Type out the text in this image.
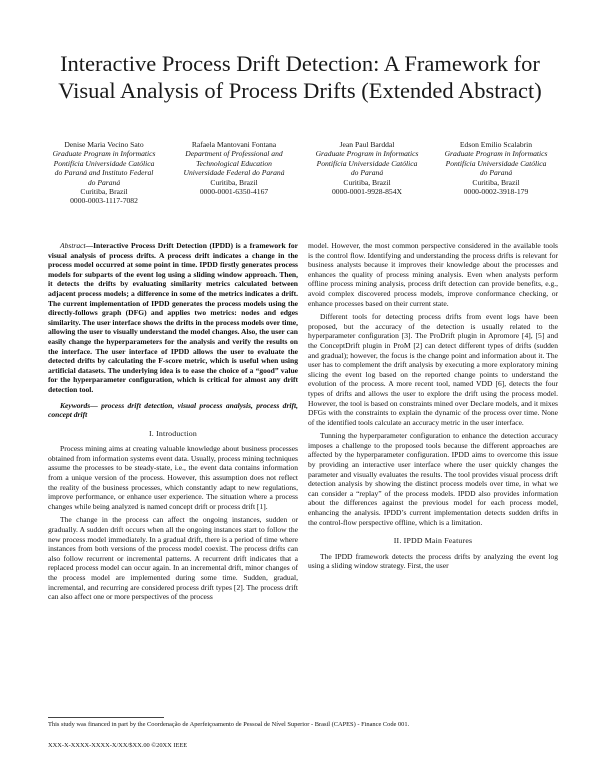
Interactive Process Drift Detection: A Framework for
Visual Analysis of Process Drifts (Extended Abstract)
Denise Maria Vecino Sato
Graduate Program in Informatics
Pontifícia Universidade Católica
do Paraná and Instituto Federal
do Paraná
Curitiba, Brazil
0000-0003-1117-7082
Rafaela Mantovani Fontana
Department of Professional and
Technological Education
Universidade Federal do Paraná
Curitiba, Brazil
0000-0001-6350-4167
Jean Paul Barddal
Graduate Program in Informatics
Pontifícia Universidade Católica
do Paraná
Curitiba, Brazil
0000-0001-9928-854X
Edson Emilio Scalabrin
Graduate Program in Informatics
Pontifícia Universidade Católica
do Paraná
Curitiba, Brazil
0000-0002-3918-179

Abstract—Interactive Process Drift Detection (IPDD) is a framework for visual analysis of process drifts. A process drift indicates a change in the process model occurred at some point in time. IPDD firstly generates process models for subparts of the event log using a sliding window approach. Then, it detects the drifts by evaluating similarity metrics calculated between adjacent process models; a difference in some of the metrics indicates a drift. The current implementation of IPDD generates the process models using the directly-follows graph (DFG) and applies two metrics: nodes and edges similarity. The user interface shows the drifts in the process models over time, allowing the user to visually understand the model changes. Also, the user can easily change the hyperparameters for the analysis and verify the results on the interface. The user interface of IPDD allows the user to evaluate the detected drifts by calculating the F-score metric, which is useful when using artificial datasets. The underlying idea is to ease the choice of a “good” value for the hyperparameter configuration, which is critical for almost any drift detection tool.

Keywords— process drift detection, visual process analysis, process drift, concept drift

I. Introduction

Process mining aims at creating valuable knowledge about business processes obtained from information systems event data. Usually, process mining techniques assume the processes to be steady-state, i.e., the event data contains information from a unique version of the process. However, this assumption does not reflect the reality of the business processes, which constantly adapt to new regulations, improve performance, or enhance user experience. The situation where a process changes while being analyzed is named concept drift or process drift [1].

The change in the process can affect the ongoing instances, sudden or gradually. A sudden drift occurs when all the ongoing instances start to follow the new process model immediately. In a gradual drift, there is a period of time where instances from both versions of the process model coexist. The process drifts can also follow recurrent or incremental patterns. A recurrent drift indicates that a replaced process model can occur again. In an incremental drift, minor changes of the process model are implemented during some time. Sudden, gradual, incremental, and recurring are considered process drift types [2]. The process drift can also affect one or more perspectives of the process

model. However, the most common perspective considered in the available tools is the control flow. Identifying and understanding the process drifts is relevant for business analysts because it improves their knowledge about the processes and enhances the quality of process mining analysis. Even when analysts perform offline process mining analysis, process drift detection can provide benefits, e.g., avoid complex discovered process models, improve conformance checking, or enhance processes based on their current state.

Different tools for detecting process drifts from event logs have been proposed, but the accuracy of the detection is usually related to the hyperparameter configuration [3]. The ProDrift plugin in Apromore [4], [5] and the ConceptDrift plugin in ProM [2] can detect different types of drifts (sudden and gradual); however, the focus is the change point and information about it. The user has to complement the drift analysis by executing a more exploratory mining slicing the event log based on the reported change points to understand the evolution of the process. A more recent tool, named VDD [6], detects the four types of drifts and allows the user to explore the drift using the process model. However, the tool is based on constraints mined over Declare models, and it mixes DFGs with the constraints to explain the dynamic of the process over time. None of the identified tools calculate an accuracy metric in the user interface.

Tunning the hyperparameter configuration to enhance the detection accuracy imposes a challenge to the proposed tools because the different approaches are affected by the hyperparameter configuration. IPDD aims to overcome this issue by providing an interactive user interface where the user quickly changes the parameter and visually evaluates the results. The tool provides visual process drift detection analysis by showing the distinct process models over time, in what we can consider a “replay” of the process models. IPDD also provides information about the differences against the previous model for each process model, enhancing the analysis. IPDD’s current implementation detects sudden drifts in the control-flow perspective offline, which is a limitation.

II. IPDD Main Features

The IPDD framework detects the process drifts by analyzing the event log using a sliding window strategy. First, the user

This study was financed in part by the Coordenação de Aperfeiçoamento de Pessoal de Nível Superior - Brasil (CAPES) - Finance Code 001.
XXX-X-XXXX-XXXX-X/XX/$XX.00 ©20XX IEEE
